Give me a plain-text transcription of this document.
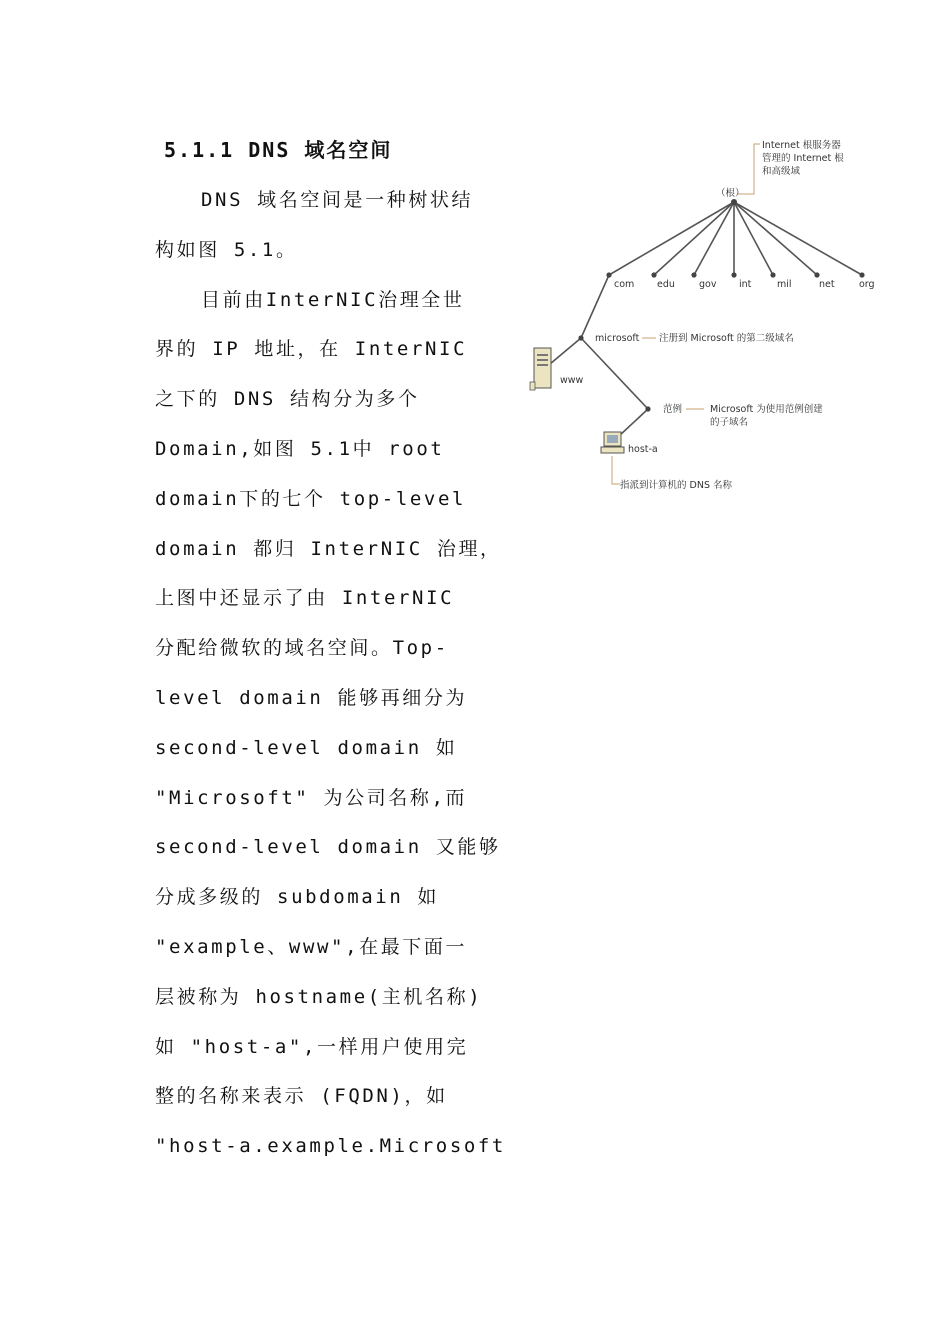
5.1.1 DNS 域名空间
DNS 域名空间是一种树状结
构如图 5.1。
目前由InterNIC治理全世
界的 IP 地址，在 InterNIC
之下的 DNS 结构分为多个
Domain,如图 5.1中 root
domain下的七个 top-level
domain 都归 InterNIC 治理，
上图中还显示了由 InterNIC
分配给微软的域名空间。Top-
level domain 能够再细分为
second-level domain 如
"Microsoft" 为公司名称,而
second-level domain 又能够
分成多级的 subdomain 如
"example、www",在最下面一
层被称为 hostname(主机名称)
如 "host-a",一样用户使用完
整的名称来表示 (FQDN)，如
"host-a.example.Microsoft
Internet 根服务器
管理的 Internet 根
和高级域
（根）
com edu	gov int	mil	net	org
microsoft 注册到 Microsoft 的第二级域名
www
范例	Microsoft 为使用范例创建
的子域名
host-a
指派到计算机的 DNS 名称
